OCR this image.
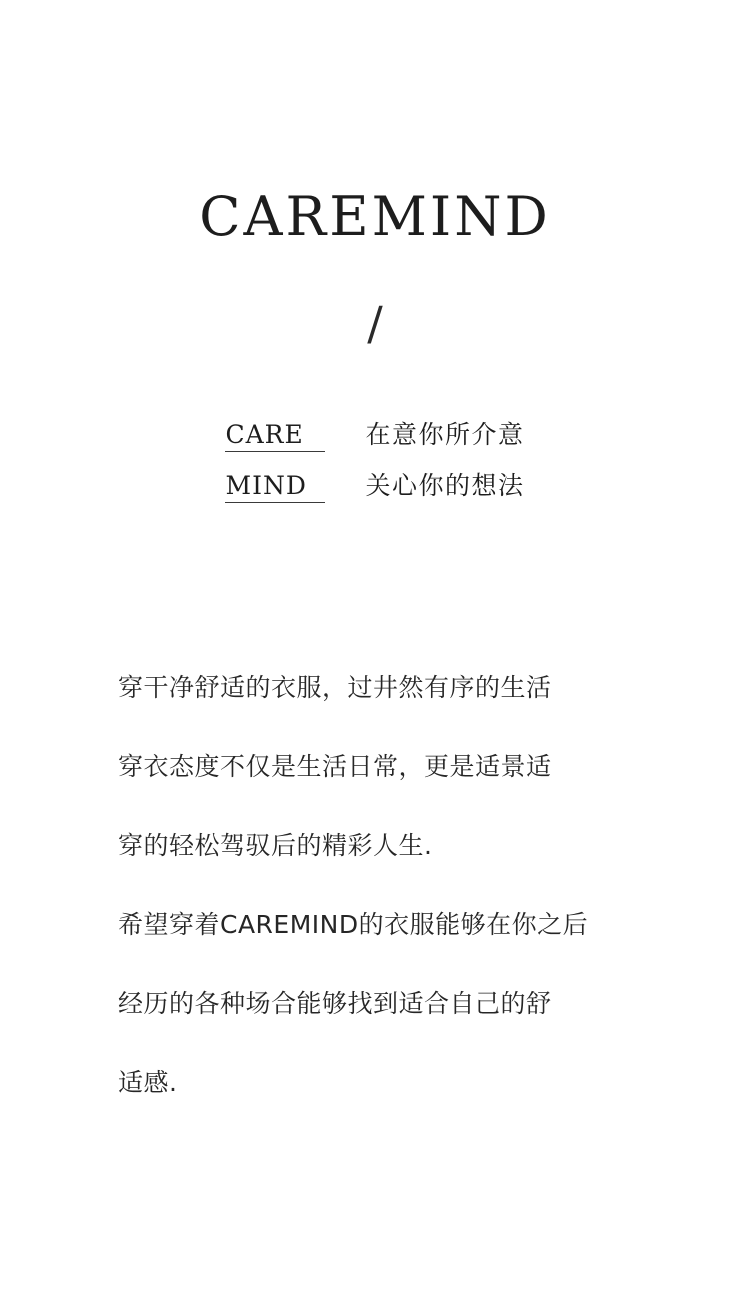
CAREMIND
/
CARE	在意你所介意
MIND	关心你的想法
穿干净舒适的衣服，过井然有序的生活
穿衣态度不仅是生活日常，更是适景适
穿的轻松驾驭后的精彩人生.
希望穿着CAREMIND的衣服能够在你之后
经历的各种场合能够找到适合自己的舒
适感.
